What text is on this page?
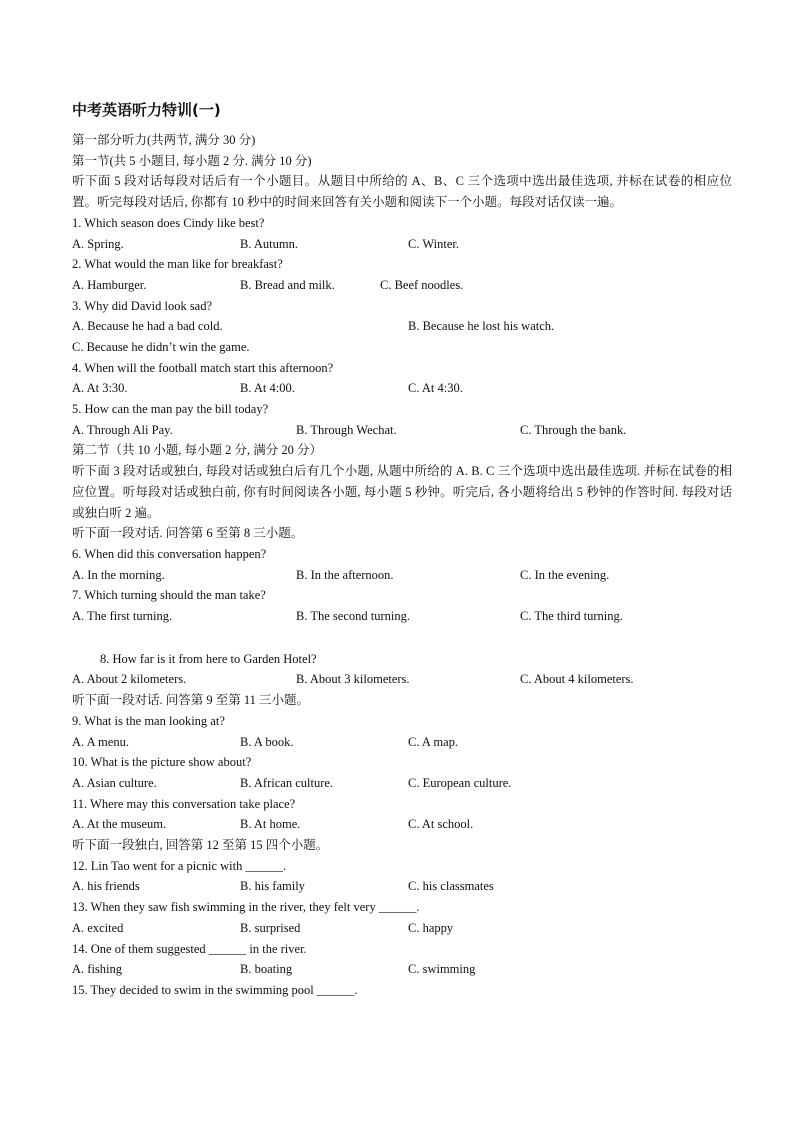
中考英语听力特训(一)
第一部分听力(共两节, 满分 30 分)
第一节(共 5 小题目, 每小题 2 分. 满分 10 分)
听下面 5 段对话每段对话后有一个小题目。从题目中所给的 A、B、C 三个选项中选出最佳选项, 并标在试卷的相应位置。听完每段对话后, 你都有 10 秒中的时间来回答有关小题和阅读下一个小题。每段对话仅读一遍。
1. Which season does Cindy like best?
A. Spring.	B. Autumn.	C. Winter.
2. What would the man like for breakfast?
A. Hamburger.	B. Bread and milk.	C. Beef noodles.
3. Why did David look sad?
A. Because he had a bad cold.	B. Because he lost his watch.
C. Because he didn’t win the game.
4. When will the football match start this afternoon?
A. At 3:30.	B. At 4:00.	C. At 4:30.
5. How can the man pay the bill today?
A. Through Ali Pay.	B. Through Wechat.	C. Through the bank.
第二节（共 10 小题, 每小题 2 分, 满分 20 分）
听下面 3 段对话或独白, 每段对话或独白后有几个小题, 从题中所给的 A. B. C 三个选项中选出最佳选项. 并标在试卷的相应位置。听每段对话或独白前, 你有时间阅读各小题, 每小题 5 秒钟。听完后, 各小题将给出 5 秒钟的作答时间. 每段对话或独白听 2 遍。
听下面一段对话. 问答第 6 至第 8 三小题。
6. When did this conversation happen?
A. In the morning.	B. In the afternoon.	C. In the evening.
7. Which turning should the man take?
A. The first turning.	B. The second turning.	C. The third turning.
8. How far is it from here to Garden Hotel?
A. About 2 kilometers.	B. About 3 kilometers.	C. About 4 kilometers.
听下面一段对话. 问答第 9 至第 11 三小题。
9. What is the man looking at?
A. A menu.	B. A book.	C. A map.
10. What is the picture show about?
A. Asian culture.	B. African culture.	C. European culture.
11. Where may this conversation take place?
A. At the museum.	B. At home.	C. At school.
听下面一段独白, 回答第 12 至第 15 四个小题。
12. Lin Tao went for a picnic with ______.
A. his friends	B. his family	C. his classmates
13. When they saw fish swimming in the river, they felt very ______.
A. excited	B. surprised	C. happy
14. One of them suggested ______ in the river.
A. fishing	B. boating	C. swimming
15. They decided to swim in the swimming pool ______.
